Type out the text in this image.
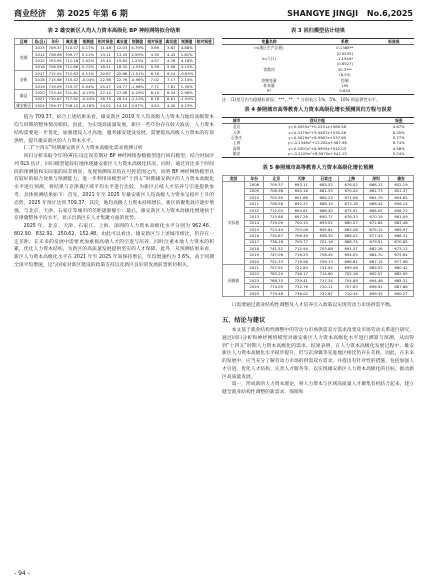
商业经济 第 2025 年第 6 期	SHANGYE JINGJI No.6,2025
表 2 雄安新区人均人力资本高级化 BP 神经网络拟合结果
区域	县(区)	年份	真实值	预测值	相对误差	真实值	预测值	相对误差	真实值	预测值	相对误差
容城	2013	709.37	710.57	0.17%	11.48	12.03	4.79%	3.69	3.87	4.88%	
	2014	708.98	709.77	0.11%	13.11	13.45	2.59%	4.35	4.42	1.61%	
	2015	703.95	711.16	1.02%	15.44	15.63	1.23%	4.57	4.76	4.16%	
	2016	706.56	711.66	0.72%	18.51	18.32	-1.03%	5.39	5.56	3.15%	
安新	2017	712.04	712.83	0.11%	20.87	20.66	-1.01%	6.18	6.14	-0.65%	
	2018	715.68	715.42	-0.04%	22.98	22.76	-0.96%	7.02	7.17	2.14%	
	2019	719.09	719.37	0.04%	25.27	24.77	-1.98%	7.71	7.81	1.30%	
雄县	2020	723.44	721.81	-0.23%	27.14	27.06	-0.29%	8.10	8.34	2.96%	
	2021	730.87	727.62	-0.44%	28.75	28.14	-2.12%	8.78	8.61	-1.94%	
雄安新区	2024	709.37	708.12	-0.18%	14.02	14.10	0.57%	4.44	4.45	0.23%	

值为 709.37，综合上述结果来看，雄安新区 2019 年人均高级人力资本与地均高级资本均与时期的整体情况相似。因此，为实现高质量发展，新区一些年份存在较大波动，人力资本结构需要进一步优化，加强建设人才高地，服务雄安建设发展，需要提高高级人力资本的有效供给，提升雄安新区的人力资本水平。

(二)“十四五”时期雄安新区人力资本高级化需求预测分析

回归分析采取今年的(4)在设定误差期对 BP 神经网络参数模型进行回归模型，结合时间序列 0LS 估计，回归模型能较好地体现雄安新区人力资本高级化状况。同时，通过对比多个时间段的预测值和实际值的误差情况，发现预测误差均在可控范围之内，说明 BP 神经网络模型具有较好的拟合效果与预测能力。进一步利用该模型对“十四五”时期雄安新区的人力资本高级化水平进行预测，将结果与京津冀区域平均水平进行比较，为新区后续人才培养与引进提供参考。具体预测结果如下：首先，2021 年至 2025 年雄安新区人均高级人力资本呈稳步上升的态势，2025 年预计达到 709.37；其次，地均高级人力资本持续增长，新区的聚集效应逐步增强，与北京、天津、石家庄等城市的差距逐渐缩小；最后，雄安新区人力资本高级化增速快于京津冀整体平均水平，显示出新区在人才集聚方面的优势。

2025 年，北京、天津、石家庄、上海、深圳的人力资本高级化水平分别为 962.46、802.90、832.91、250.62、152.48。由此可以看出，雄安新区与上述城市相比，仍存在一定差距，在未来的发展中需要更加重视高端人才的引进与培养，同时注重本地人力资本的积累，优化人力资本结构，为新区的高质量发展提供坚实的人才保障。此外，从预测结果来看，新区人力资本高级化水平在 2021 年至 2025 年间保持增长，年均增速约为 3.6%，高于同期全国平均增速，这与国家对新区建设的政策支持以及新区良好的发展前景密切相关。

表 3 回归模型估计结果
变量名称	系数	标准误
ln(地区生产总值)	0.1388**	
	(0.0535)	
ln(人口)	-1.1944*	
	(0.6527)	
常数项	30.3***	
	(6.53)	
控制变量	控制	
样本量	195	
R²	0.844	
注：(1)括号内为稳健标准误；***、**、* 分别表示 1%、5%、10% 的显著性水平。
表 4 参照城市高等教育人力资本高级化增长预测回归方程与误差
城市	回归方程	误差
北京	y=0.0055x²+0.2251x+589.58	4.67%
天津	y=0.0379x²+9.0487x+530.48	6.45%
石家庄	y=0.0029x²+8.9967x+537.69	0.77%
上海	y=-0.1346x²+13.281x+467.96	6.74%
深圳	y=0.0301x²+8.9955x+542.03	4.98%
雄安	y=-0.2109x²+8.9975x+542.15	0.24%
表 5 参照城市高等教育人力资本高级化增长预测
类别	年份	北京	天津	石家庄	上海	深圳	雄安
实际值	2008	709.37	693.11	685.52	676.02	668.12	652.19
	2009	708.98	690.18	681.55	670.44	662.73	651.37
	2010	703.95	691.66	684.23	671.56	664.79	654.82
	2011	706.56	692.37	686.15	673.18	666.42	656.14
	2012	712.04	694.61	688.40	675.91	668.05	658.72
	2013	715.68	697.26	690.77	678.33	670.19	661.09
	2014	719.09	700.15	693.02	680.57	672.84	663.48
	2015	723.44	703.08	695.81	683.26	675.12	665.97
	2016	730.87	706.49	698.35	686.02	677.43	668.31
	2017	736.18	709.77	701.16	688.74	679.91	670.85
	2018	741.52	712.94	703.88	691.37	682.26	673.12
	2019	747.06	716.23	706.45	694.05	684.70	675.64
	2020	752.33	719.58	709.13	696.81	687.15	677.98
预测值	2021	757.91	722.84	711.92	699.46	689.53	680.42
	2022	763.24	726.17	714.60	702.18	692.07	682.95
	2023	768.70	729.41	717.34	704.89	694.48	685.31
	2024	774.05	732.76	720.11	707.63	696.92	687.86
	2025	779.48	736.02	722.87	710.34	699.35	690.27

口需要通过就业结构性调整及人才培养引入政策以实现劳动力市场供需平衡。

五、结论与建议

本文基于就业结构性调整中的劳动力市场供需双方需求改变及市场劳动关系进行研究，通过回归分析和神经网络模型对雄安新区人力资本高级化水平进行测算与预测，从而得到“十四五”时期人力资本高级化的需求。结果表明，在人力资本高级化发展过程中，雄安新区人力资本高级化水平稳步提升，但与京津冀等先进地区相比仍存在差距。因此，在未来的发展中，应当充分了解劳动力市场的供需双方需求，并提出有针对性的措施，包括加强人才引进、优化人才结构、完善人才服务等，以实现雄安新区人力资本高级化的目标，推动新区高质量发展。

第一，形成新的人力资本理论，将人力资本与区域高质量人才聚集有机结合起来，建立健全就业结构性调整的新需求、保障和

- 94 -
